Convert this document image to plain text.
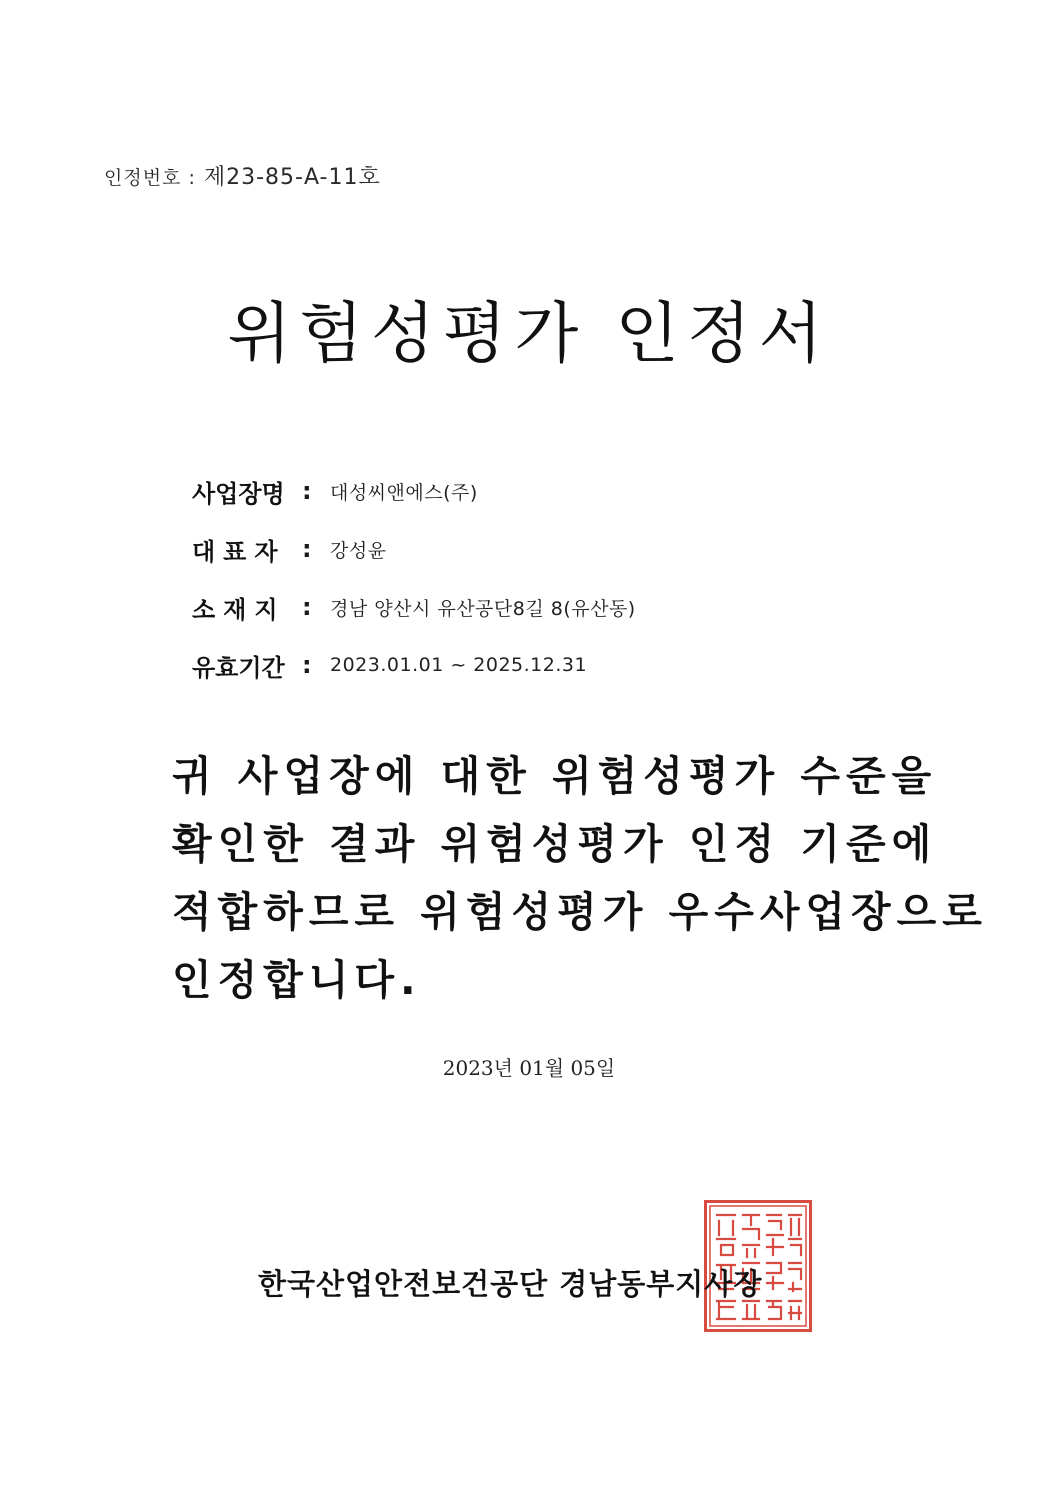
인정번호 : 제23-85-A-11호
위험성평가 인정서
사업장명 : 대성씨앤에스(주)
대표자 : 강성윤
소재지 : 경남 양산시 유산공단8길 8(유산동)
유효기간 : 2023.01.01 ~ 2025.12.31
귀 사업장에 대한 위험성평가 수준을
확인한 결과 위험성평가 인정 기준에
적합하므로 위험성평가 우수사업장으로
인정합니다.
2023년 01월 05일
한국산업안전보건공단 경남동부지사장
